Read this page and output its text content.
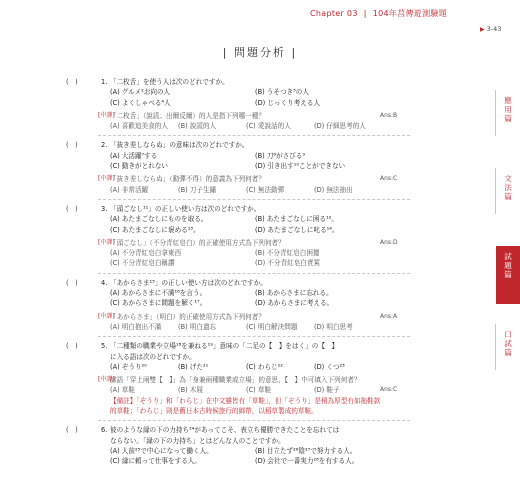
Chapter 03 | 104年莒傳遊測驗題
▶ 3-43
| 問題分析 |
應
用
篇
文
法
篇
試
題
篇
口
試
篇
(　)	1. 「二枚舌」を使う人は次のどれですか。
(A) グルメ²お向の人	(B) うそつき³の人
(C) よくしゃべる⁴人	(D) じっくり考える人
[中譯]	Ans:B
「二枚舌」（說謊；出爾反爾）的人是指下列哪一種？
(A) 喜歡追美食的人	(B) 說謊的人	(C) 愛說話的人	(D) 仔細思考的人
(　)	2. 「抜き差しならぬ」の意味は次のどれですか。
(A) 大活躍⁷する	(B) 刀⁸がさびる⁹
(C) 動きがとれない	(D) 引き出す¹⁰ことができない
[中譯]	Ans:C
「抜き差しならぬ」（動彈不得）的意義為下列何者？
(A) 非常活躍	(B) 刀子生鏽	(C) 無法動彈	(D) 無法抽出
(　)	3. 「頭ごなし¹¹」の正しい使い方は次のどれですか。
(A) あたまごなしにものを取る。	(B) あたまごなしに困る¹²。
(C) あたまごなしに褒める¹³。	(D) あたまごなしに叱る¹⁴。
[中譯]	Ans:D
「頭ごなし」（不分青紅皂白）的正確使用方式為下列何者？
(A) 不分青紅皂白拿東西	(B) 不分青紅皂白困擾
(C) 不分青紅皂白稱讚	(D) 不分青紅皂白責罵
(　)	4. 「あからさま¹⁵」の正しい使い方は次のどれですか。
(A) あからさまに不満¹⁶を言う。	(B) あからさまに忘れる。
(C) あからさまに間題を解く¹⁷。	(D) あからさまに考える。
[中譯]	Ans:A
「あからさま」（明白）的正確使用方式為下列何者？
(A) 明白抱出不滿	(B) 明白遺忘	(C) 明白解決問題	(D) 明白思考
(　)	5. 「二種類の職業や立場¹⁸を兼ねる¹⁹」意味の「二足の【　】をはく」の【　】
に入る語は次のどれですか。
(A) ぞうり²⁰	(B) げた²¹	(C) わらじ²²	(D) くつ²³
[中譯]
Ans:C
諺語「穿上兩雙【　】」為「身兼兩種職業或立場」的意思，【　】中可填入下列何者？
(A) 草鞋	(B) 木屐	(C) 草鞋	(D) 鞋子
【備註】「ぞうり」和「わらじ」在中文雖皆有「草鞋」，但「ぞうり」是稍為厚型有如拖鞋款
的草鞋；「わらじ」則是舊日本古時候旅行的綁帶，以稻草製成的草鞋。
(　)	6. 彼のような縁の下の力持ち²⁴があってこそ、表立ち優勝できたことを忘れては
ならない。「縁の下の力持ち」とはどんな人のことですか。
(A) 人前²⁵で中心になって働く人。	(B) 目立たず²⁶陰²⁷で努力する人。
(C) 縁に頼って仕事をする人。	(D) 会社で一番実力²⁸を有する人。
